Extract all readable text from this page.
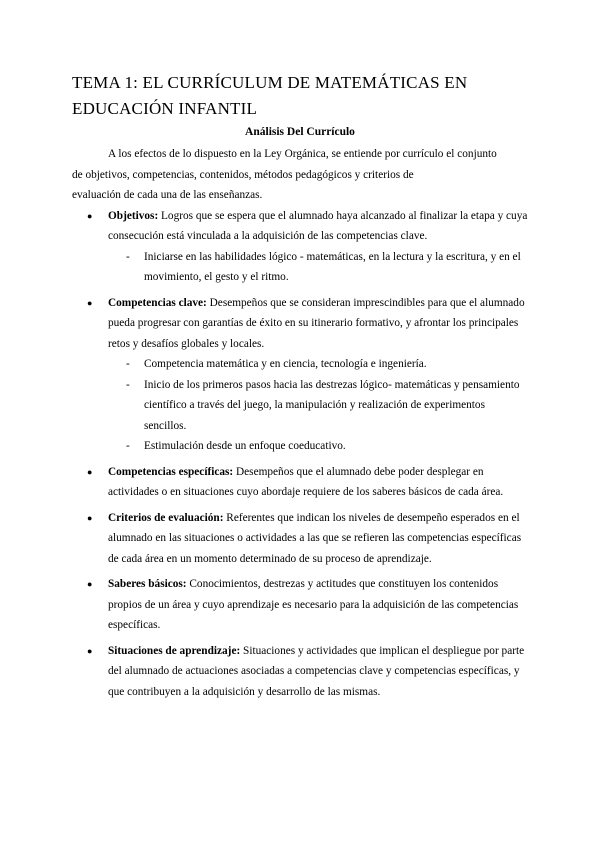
TEMA 1: EL CURRÍCULUM DE MATEMÁTICAS EN EDUCACIÓN INFANTIL
Análisis Del Currículo
A los efectos de lo dispuesto en la Ley Orgánica, se entiende por currículo el conjunto
de objetivos, competencias, contenidos, métodos pedagógicos y criterios de
evaluación de cada una de las enseñanzas.
● Objetivos: Logros que se espera que el alumnado haya alcanzado al finalizar la etapa y cuya consecución está vinculada a la adquisición de las competencias clave.
- Iniciarse en las habilidades lógico - matemáticas, en la lectura y la escritura, y en el movimiento, el gesto y el ritmo.
● Competencias clave: Desempeños que se consideran imprescindibles para que el alumnado pueda progresar con garantías de éxito en su itinerario formativo, y afrontar los principales retos y desafíos globales y locales.
- Competencia matemática y en ciencia, tecnología e ingeniería.
- Inicio de los primeros pasos hacia las destrezas lógico- matemáticas y pensamiento científico a través del juego, la manipulación y realización de experimentos sencillos.
- Estimulación desde un enfoque coeducativo.
● Competencias específicas: Desempeños que el alumnado debe poder desplegar en actividades o en situaciones cuyo abordaje requiere de los saberes básicos de cada área.
● Criterios de evaluación: Referentes que indican los niveles de desempeño esperados en el alumnado en las situaciones o actividades a las que se refieren las competencias específicas de cada área en un momento determinado de su proceso de aprendizaje.
● Saberes básicos: Conocimientos, destrezas y actitudes que constituyen los contenidos propios de un área y cuyo aprendizaje es necesario para la adquisición de las competencias específicas.
● Situaciones de aprendizaje: Situaciones y actividades que implican el despliegue por parte del alumnado de actuaciones asociadas a competencias clave y competencias específicas, y que contribuyen a la adquisición y desarrollo de las mismas.
